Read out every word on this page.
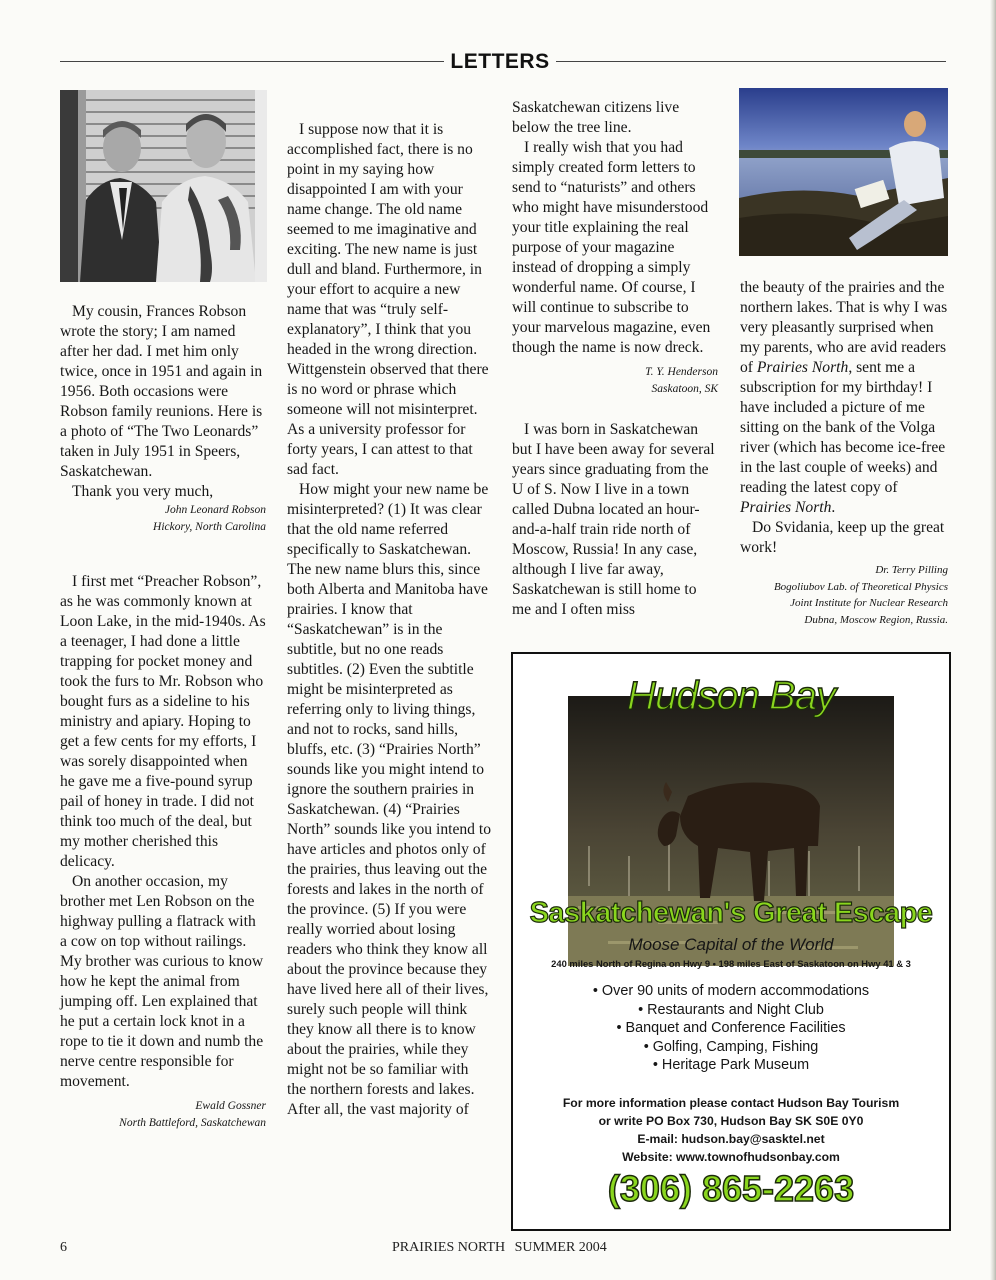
LETTERS

My cousin, Frances Robson wrote the story; I am named after her dad. I met him only twice, once in 1951 and again in 1956. Both occasions were Robson family reunions. Here is a photo of “The Two Leonards” taken in July 1951 in Speers, Saskatchewan.

Thank you very much,

John Leonard Robson
Hickory, North Carolina

I first met “Preacher Robson”, as he was commonly known at Loon Lake, in the mid-1940s. As a teenager, I had done a little trapping for pocket money and took the furs to Mr. Robson who bought furs as a sideline to his ministry and apiary. Hoping to get a few cents for my efforts, I was sorely disappointed when he gave me a five-pound syrup pail of honey in trade. I did not think too much of the deal, but my mother cherished this delicacy.

On another occasion, my brother met Len Robson on the highway pulling a flatrack with a cow on top without railings. My brother was curious to know how he kept the animal from jumping off. Len explained that he put a certain lock knot in a rope to tie it down and numb the nerve centre responsible for movement.

Ewald Gossner
North Battleford, Saskatchewan

I suppose now that it is accomplished fact, there is no point in my saying how disappointed I am with your name change. The old name seemed to me imaginative and exciting. The new name is just dull and bland. Furthermore, in your effort to acquire a new name that was “truly self-explanatory”, I think that you headed in the wrong direction. Wittgenstein observed that there is no word or phrase which someone will not misinterpret. As a university professor for forty years, I can attest to that sad fact.

How might your new name be misinterpreted? (1) It was clear that the old name referred specifically to Saskatchewan. The new name blurs this, since both Alberta and Manitoba have prairies. I know that “Saskatchewan” is in the subtitle, but no one reads subtitles. (2) Even the subtitle might be misinterpreted as referring only to living things, and not to rocks, sand hills, bluffs, etc. (3) “Prairies North” sounds like you might intend to ignore the southern prairies in Saskatchewan. (4) “Prairies North” sounds like you intend to have articles and photos only of the prairies, thus leaving out the forests and lakes in the north of the province. (5) If you were really worried about losing readers who think they know all about the province because they have lived here all of their lives, surely such people will think they know all there is to know about the prairies, while they might not be so familiar with the northern forests and lakes. After all, the vast majority of

Saskatchewan citizens live below the tree line.

I really wish that you had simply created form letters to send to “naturists” and others who might have misunderstood your title explaining the real purpose of your magazine instead of dropping a simply wonderful name. Of course, I will continue to subscribe to your marvelous magazine, even though the name is now dreck.

T. Y. Henderson
Saskatoon, SK

I was born in Saskatchewan but I have been away for several years since graduating from the U of S. Now I live in a town called Dubna located an hour-and-a-half train ride north of Moscow, Russia! In any case, although I live far away, Saskatchewan is still home to me and I often miss

the beauty of the prairies and the northern lakes. That is why I was very pleasantly surprised when my parents, who are avid readers of Prairies North, sent me a subscription for my birthday! I have included a picture of me sitting on the bank of the Volga river (which has become ice-free in the last couple of weeks) and reading the latest copy of Prairies North.

Do Svidania, keep up the great work!

Dr. Terry Pilling
Bogoliubov Lab. of Theoretical Physics
Joint Institute for Nuclear Research
Dubna, Moscow Region, Russia.
Hudson Bay
Saskatchewan's Great Escape
Moose Capital of the World
240 miles North of Regina on Hwy 9 • 198 miles East of Saskatoon on Hwy 41 & 3
• Over 90 units of modern accommodations
• Restaurants and Night Club
• Banquet and Conference Facilities
• Golfing, Camping, Fishing
• Heritage Park Museum
For more information please contact Hudson Bay Tourism
or write PO Box 730, Hudson Bay SK S0E 0Y0
E-mail: hudson.bay@sasktel.net
Website: www.townofhudsonbay.com
(306) 865-2263
6	PRAIRIES NORTH SUMMER 2004
